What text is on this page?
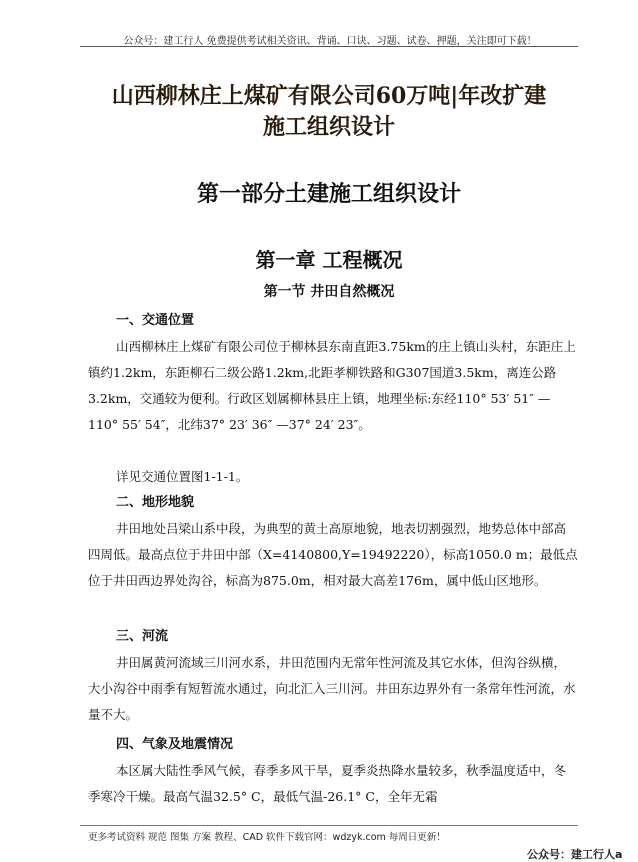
公众号：建工行人 免费提供考试相关资讯、背诵、口诀、习题、试卷、押题，关注即可下载！
山西柳林庄上煤矿有限公司60万吨|年改扩建
施工组织设计
第一部分土建施工组织设计
第一章 工程概况
第一节 井田自然概况
一、交通位置
山西柳林庄上煤矿有限公司位于柳林县东南直距3.75km的庄上镇山头村，东距庄上镇约1.2km，东距柳石二级公路1.2km,北距孝柳铁路和G307国道3.5km，离连公路3.2km，交通较为便利。行政区划属柳林县庄上镇，地理坐标:东经110° 53′ 51″ —110° 55′ 54″，北纬37° 23′ 36″ —37° 24′ 23″。
详见交通位置图1-1-1。
二、地形地貌
井田地处吕梁山系中段，为典型的黄土高原地貌，地表切割强烈，地势总体中部高四周低。最高点位于井田中部（X=4140800,Y=19492220），标高1050.0 m；最低点位于井田西边界处沟谷，标高为875.0m，相对最大高差176m，属中低山区地形。
三、河流
井田属黄河流域三川河水系，井田范围内无常年性河流及其它水体，但沟谷纵横，大小沟谷中雨季有短暂流水通过，向北汇入三川河。井田东边界外有一条常年性河流，水量不大。
四、气象及地震情况
本区属大陆性季风气候，春季多风干旱，夏季炎热降水量较多，秋季温度适中，冬季寒冷干燥。最高气温32.5° C，最低气温-26.1° C，全年无霜
更多考试资料 规范 图集 方案 教程、CAD 软件下载官网：wdzyk.com 每周日更新！
公众号：建工行人a
